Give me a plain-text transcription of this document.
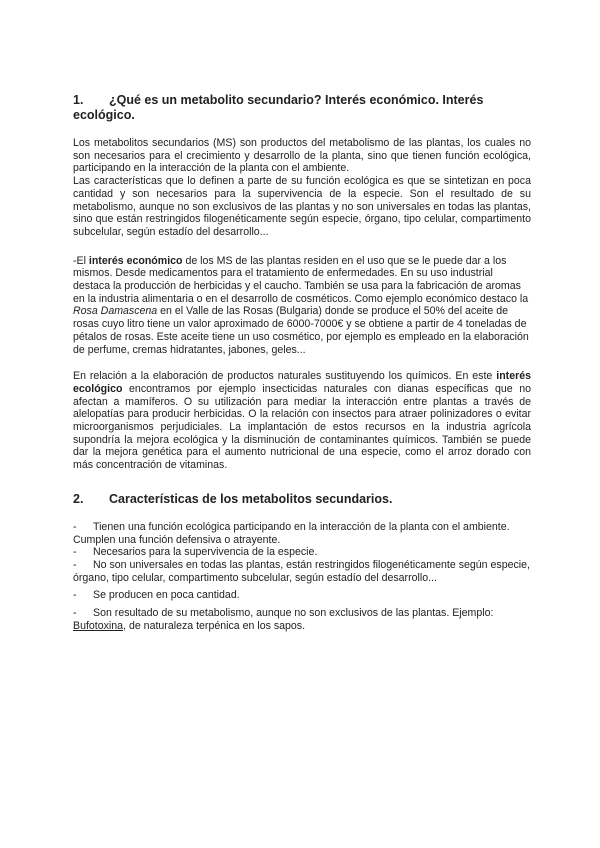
1. ¿Qué es un metabolito secundario? Interés económico. Interés ecológico.

Los metabolitos secundarios (MS) son productos del metabolismo de las plantas, los cuales no son necesarios para el crecimiento y desarrollo de la planta, sino que tienen función ecológica, participando en la interacción de la planta con el ambiente.

Las características que lo definen a parte de su función ecológica es que se sintetizan en poca cantidad y son necesarios para la supervivencia de la especie. Son el resultado de su metabolismo, aunque no son exclusivos de las plantas y no son universales en todas las plantas, sino que están restringidos filogenéticamente según especie, órgano, tipo celular, compartimento subcelular, según estadío del desarrollo...

-El interés económico de los MS de las plantas residen en el uso que se le puede dar a los mismos. Desde medicamentos para el tratamiento de enfermedades. En su uso industrial destaca la producción de herbicidas y el caucho. También se usa para la fabricación de aromas en la industria alimentaria o en el desarrollo de cosméticos. Como ejemplo económico destaco la Rosa Damascena en el Valle de las Rosas (Bulgaria) donde se produce el 50% del aceite de rosas cuyo litro tiene un valor aproximado de 6000-7000€ y se obtiene a partir de 4 toneladas de pétalos de rosas. Este aceite tiene un uso cosmético, por ejemplo es empleado en la elaboración de perfume, cremas hidratantes, jabones, geles...

En relación a la elaboración de productos naturales sustituyendo los químicos. En este interés ecológico encontramos por ejemplo insecticidas naturales con dianas específicas que no afectan a mamíferos. O su utilización para mediar la interacción entre plantas a través de alelopatías para producir herbicidas. O la relación con insectos para atraer polinizadores o evitar microorganismos perjudiciales. La implantación de estos recursos en la industria agrícola supondría la mejora ecológica y la disminución de contaminantes químicos. También se puede dar la mejora genética para el aumento nutricional de una especie, como el arroz dorado con más concentración de vitaminas.

2. Características de los metabolitos secundarios.
- Tienen una función ecológica participando en la interacción de la planta con el ambiente. Cumplen una función defensiva o atrayente.
- Necesarios para la supervivencia de la especie.
- No son universales en todas las plantas, están restringidos filogenéticamente según especie, órgano, tipo celular, compartimento subcelular, según estadío del desarrollo...
- Se producen en poca cantidad.
- Son resultado de su metabolismo, aunque no son exclusivos de las plantas. Ejemplo: Bufotoxina, de naturaleza terpénica en los sapos.
